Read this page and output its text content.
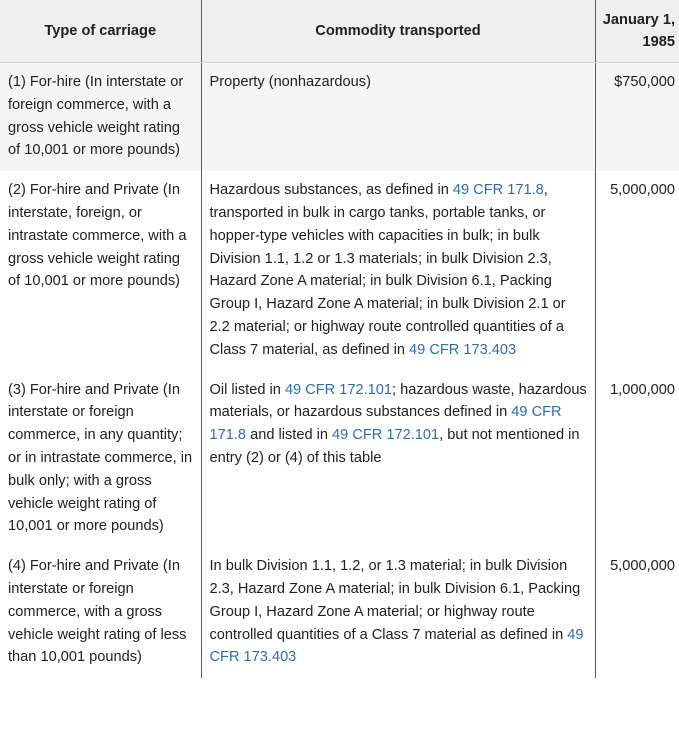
Type of carriage	Commodity transported	January 1, 1985
(1) For-hire (In interstate or foreign commerce, with a gross vehicle weight rating of 10,001 or more pounds)	Property (nonhazardous)	$750,000
(2) For-hire and Private (In interstate, foreign, or intrastate commerce, with a gross vehicle weight rating of 10,001 or more pounds)	Hazardous substances, as defined in 49 CFR 171.8, transported in bulk in cargo tanks, portable tanks, or hopper-type vehicles with capacities in bulk; in bulk Division 1.1, 1.2 or 1.3 materials; in bulk Division 2.3, Hazard Zone A material; in bulk Division 6.1, Packing Group I, Hazard Zone A material; in bulk Division 2.1 or 2.2 material; or highway route controlled quantities of a Class 7 material, as defined in 49 CFR 173.403	5,000,000
(3) For-hire and Private (In interstate or foreign commerce, in any quantity; or in intrastate commerce, in bulk only; with a gross vehicle weight rating of 10,001 or more pounds)	Oil listed in 49 CFR 172.101; hazardous waste, hazardous materials, or hazardous substances defined in 49 CFR 171.8 and listed in 49 CFR 172.101, but not mentioned in entry (2) or (4) of this table	1,000,000
(4) For-hire and Private (In interstate or foreign commerce, with a gross vehicle weight rating of less than 10,001 pounds)	In bulk Division 1.1, 1.2, or 1.3 material; in bulk Division 2.3, Hazard Zone A material; in bulk Division 6.1, Packing Group I, Hazard Zone A material; or highway route controlled quantities of a Class 7 material as defined in 49 CFR 173.403	5,000,000
